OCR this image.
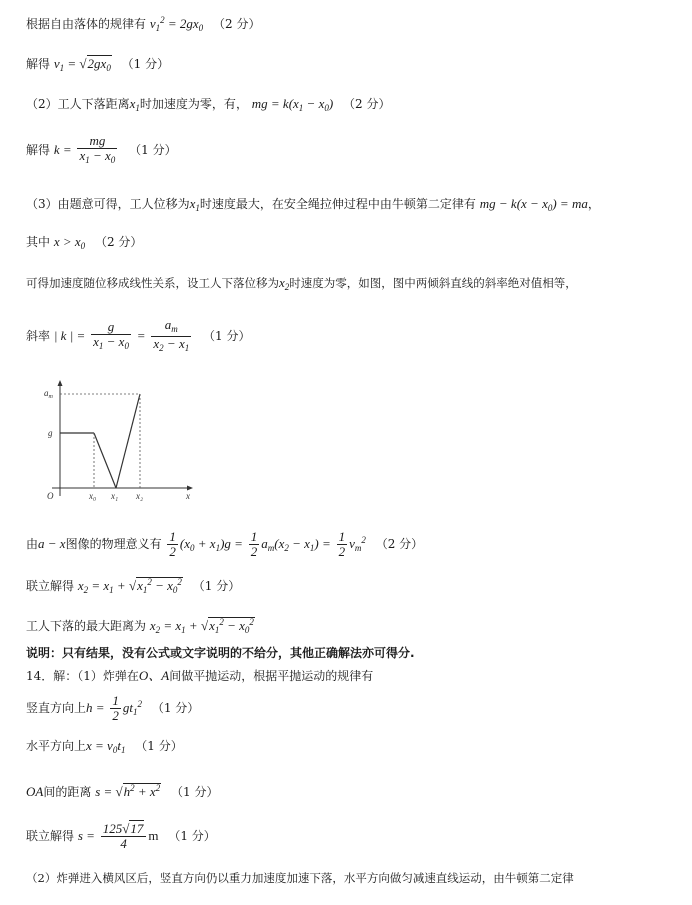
根据自由落体的规律有 $v_1^2 = 2gx_0$ （2 分）
解得 $v_1 = √2gx_0$ （1 分）
（2）工人下落距离$x_1$时加速度为零，有， mg = $k(x_1 - x_0)$ （2 分）
解得 $k = \frac{mg}{x_1 - x_0} (1$ 分）
（3）由题意可得，工人位移为$x_1$时速度最大，在安全绳拉伸过程中由牛顿第二定律有 mg − $k(x - x_0)$ = ma，
其中 $x > x_0$ （2 分）
可得加速度随位移成线性关系，设工人下落位移为$x_2$时速度为零，如图，图中两倾斜直线的斜率绝对值相等，
斜率 | k | = $\frac{g}{x_1 - x_0} = \frac{a_m}{x_2 - x_1} (1$ 分）
$a_m$
g
O	x₀ x₁ x₂	x
由a − x图像的物理意义有 $\frac{1}{2} (x_0 + x_1)g = \frac{1}{2} a_m(x_2 - x_1) = \frac{1}{2} v_m^2$ （2 分）
联立解得 $x_2 = x_1 + √x_1^2 - x_0^2$ （1 分）
工人下落的最大距离为 $x_2 = x_1 + √x_1^2 - x_0^2$
说明：只有结果，没有公式或文字说明的不给分，其他正确解法亦可得分.
14．解：（1）炸弹在O、A间做平抛运动，根据平抛运动的规律有
竖直方向上$h = \frac{1}{2} gt_1^2$ （1 分）
水平方向上$x = v_0t_1$ （1 分）
OA间的距离 $s = √h^2 + x^2$ （1 分）
联立解得 $s = \frac{125√17}{4}$ m （1 分）
（2）炸弹进入横风区后，竖直方向仍以重力加速度加速下落，水平方向做匀减速直线运动，由牛顿第二定律
